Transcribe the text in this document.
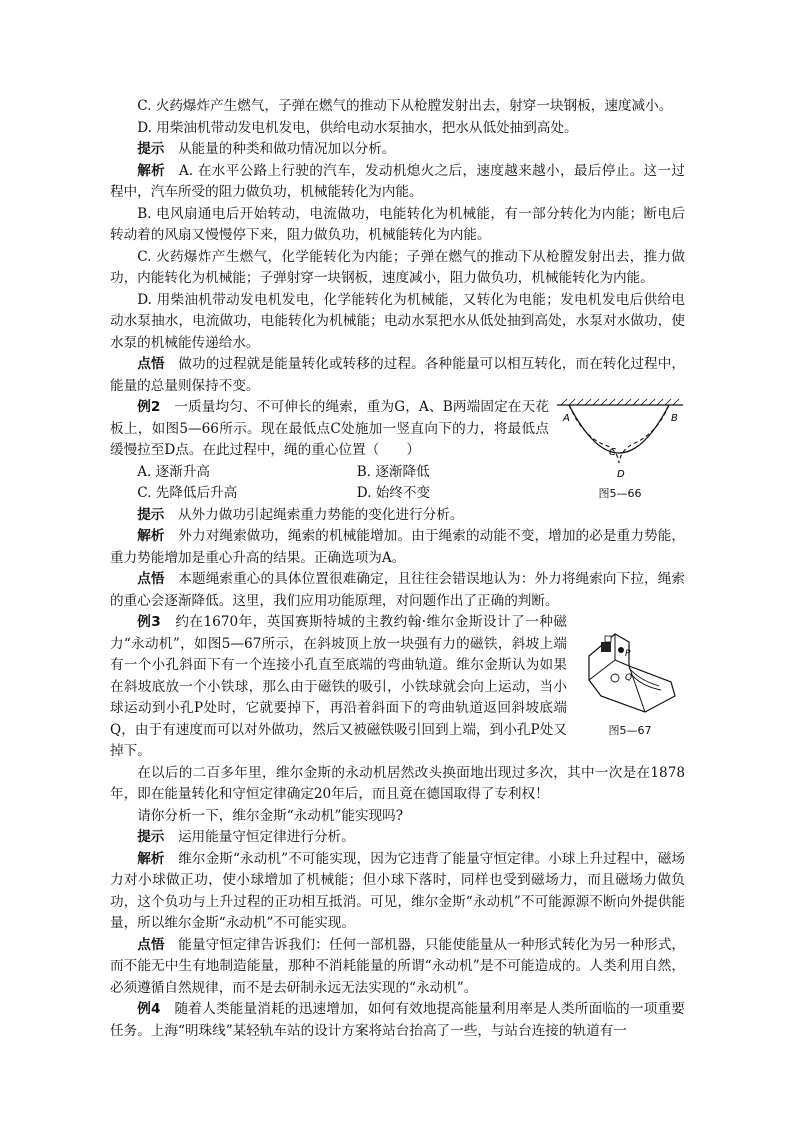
C. 火药爆炸产生燃气，子弹在燃气的推动下从枪膛发射出去，射穿一块钢板，速度减小。

D. 用柴油机带动发电机发电，供给电动水泵抽水，把水从低处抽到高处。

提示　 从能量的种类和做功情况加以分析。

解析　 A. 在水平公路上行驶的汽车，发动机熄火之后，速度越来越小，最后停止。这一过程中，汽车所受的阻力做负功，机械能转化为内能。

B. 电风扇通电后开始转动，电流做功，电能转化为机械能，有一部分转化为内能；断电后转动着的风扇又慢慢停下来，阻力做负功，机械能转化为内能。

C. 火药爆炸产生燃气，化学能转化为内能；子弹在燃气的推动下从枪膛发射出去，推力做功，内能转化为机械能；子弹射穿一块钢板，速度减小，阻力做负功，机械能转化为内能。

D. 用柴油机带动发电机发电，化学能转化为机械能，又转化为电能；发电机发电后供给电动水泵抽水，电流做功，电能转化为机械能；电动水泵把水从低处抽到高处，水泵对水做功，使水泵的机械能传递给水。

点悟　 做功的过程就是能量转化或转移的过程。各种能量可以相互转化，而在转化过程中，能量的总量则保持不变。

例2　 一质量均匀、不可伸长的绳索，重为G，A、B两端固定在天花板上，如图5—66所示。现在最低点C处施加一竖直向下的力，将最低点缓慢拉至D点。在此过程中，绳的重心位置（　　）

A. 逐渐升高	B. 逐渐降低
C. 先降低后升高	D. 始终不变
A	B
C
D
图5—66

提示　 从外力做功引起绳索重力势能的变化进行分析。

解析　 外力对绳索做功，绳索的机械能增加。由于绳索的动能不变，增加的必是重力势能，重力势能增加是重心升高的结果。正确选项为A。

点悟　 本题绳索重心的具体位置很难确定，且往往会错误地认为：外力将绳索向下拉，绳索的重心会逐渐降低。这里，我们应用功能原理，对问题作出了正确的判断。

例3　 约在1670年，英国赛斯特城的主教约翰·维尔金斯设计了一种磁力“永动机”，如图5—67所示，在斜坡顶上放一块强有力的磁铁，斜坡上端有一个小孔斜面下有一个连接小孔直至底端的弯曲轨道。维尔金斯认为如果在斜坡底放一个小铁球，那么由于磁铁的吸引，小铁球就会向上运动，当小球运动到小孔P处时，它就要掉下，再沿着斜面下的弯曲轨道返回斜坡底端Q，由于有速度而可以对外做功，然后又被磁铁吸引回到上端，到小孔P处又掉下。

P
Q
图5—67

在以后的二百多年里，维尔金斯的永动机居然改头换面地出现过多次，其中一次是在1878年，即在能量转化和守恒定律确定20年后，而且竟在德国取得了专利权！

请你分析一下，维尔金斯“永动机”能实现吗?

提示　 运用能量守恒定律进行分析。

解析　 维尔金斯“永动机”不可能实现，因为它违背了能量守恒定律。小球上升过程中，磁场力对小球做正功，使小球增加了机械能；但小球下落时，同样也受到磁场力，而且磁场力做负功，这个负功与上升过程的正功相互抵消。可见，维尔金斯“永动机”不可能源源不断向外提供能量，所以维尔金斯“永动机”不可能实现。

点悟　 能量守恒定律告诉我们：任何一部机器，只能使能量从一种形式转化为另一种形式，而不能无中生有地制造能量，那种不消耗能量的所谓“永动机”是不可能造成的。人类利用自然，必须遵循自然规律，而不是去研制永远无法实现的“永动机”。

例4　 随着人类能量消耗的迅速增加，如何有效地提高能量利用率是人类所面临的一项重要任务。上海“明珠线”某轻轨车站的设计方案将站台抬高了一些，与站台连接的轨道有一
